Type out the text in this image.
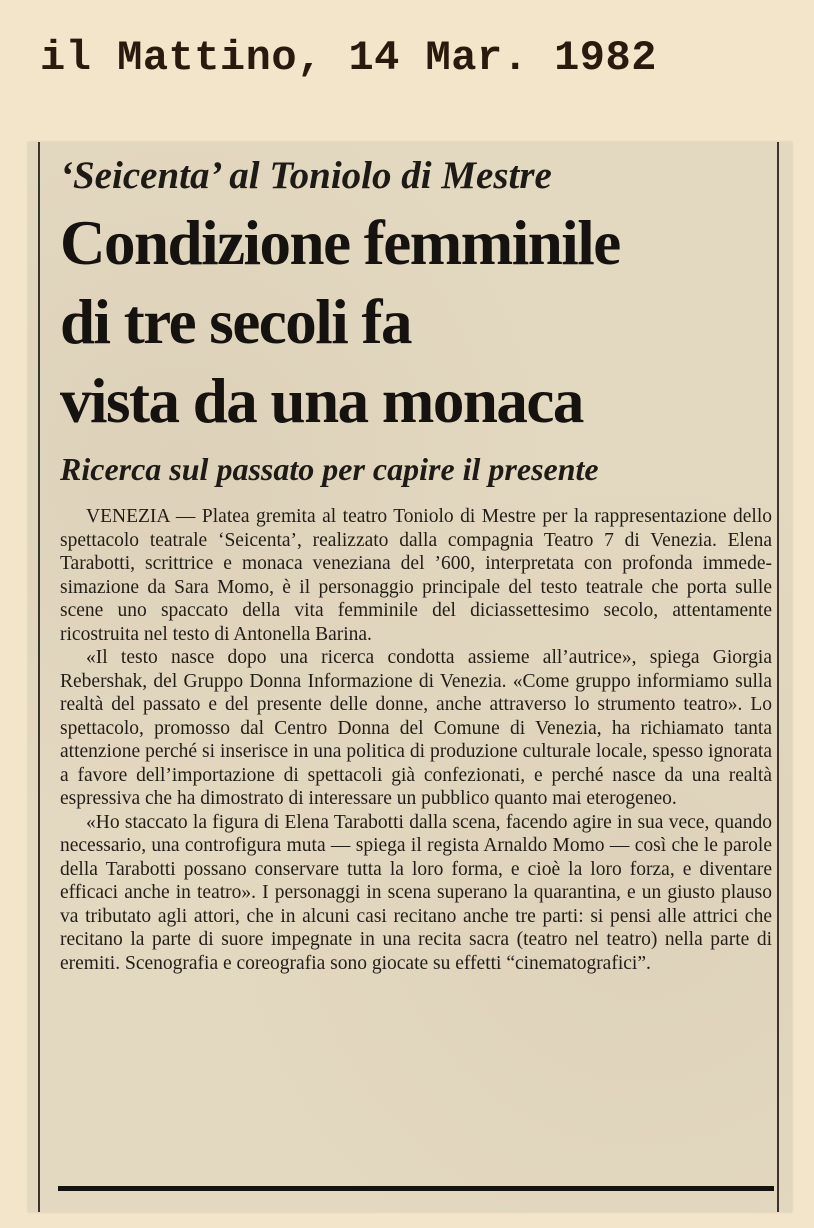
il Mattino, 14 Mar. 1982
‘Seicenta’ al Toniolo di Mestre
Condizione femminile
di tre secoli fa
vista da una monaca
Ricerca sul passato per capire il presente

VENEZIA — Platea gremita al teatro Toniolo di Mestre per la rappresentazione dello spettacolo teatrale ‘Seicenta’, realizzato dalla compagnia Teatro 7 di Venezia. Elena Tarabotti, scrittrice e monaca veneziana del ’600, interpretata con profonda immedesimazione da Sara Momo, è il personaggio principale del testo teatrale che porta sulle scene uno spaccato della vita femminile del diciassettesimo secolo, attentamente ricostruita nel testo di Antonella Barina.

«Il testo nasce dopo una ricerca condotta assieme all’autrice», spiega Giorgia Rebershak, del Gruppo Donna Informazione di Venezia. «Come gruppo informiamo sulla realtà del passato e del presente delle donne, anche attraverso lo strumento teatro». Lo spettacolo, promosso dal Centro Donna del Comune di Venezia, ha richiamato tanta attenzione perché si inserisce in una politica di produzione culturale locale, spesso ignorata a favore dell’importazione di spettacoli già confezionati, e perché nasce da una realtà espressiva che ha dimostrato di interessare un pubblico quanto mai eterogeneo.

«Ho staccato la figura di Elena Tarabotti dalla scena, facendo agire in sua vece, quando necessario, una controfigura muta — spiega il regista Arnaldo Momo — così che le parole della Tarabotti possano conservare tutta la loro forma, e cioè la loro forza, e diventare efficaci anche in teatro». I personaggi in scena superano la quarantina, e un giusto plauso va tributato agli attori, che in alcuni casi recitano anche tre parti: si pensi alle attrici che recitano la parte di suore impegnate in una recita sacra (teatro nel teatro) nella parte di eremiti. Scenografia e coreografia sono giocate su effetti “cinematografici”.
